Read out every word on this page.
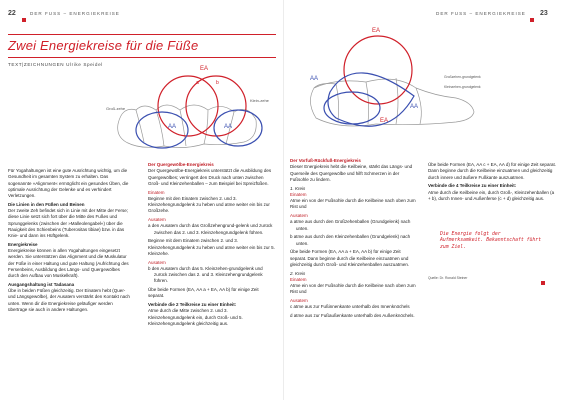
22	DER FUSS – ENERGIEKREISE
Zwei Energiekreise für die Füße
TEXT|ZEICHNUNGEN Ulrike Speidel
EA
a	b
AA	AA
Groß-zehe
Klein-zehe

Für Yogahaltungen ist eine gute Ausrichtung wichtig, um die Gesundheit im gesamten System zu erhalten. Das sogenannte »Alignment« ermöglicht ein gesundes Üben, die optimale Ausrichtung der Gelenke und es verhindert Verletzungen.

Die Linien in den Füßen und Beinen

Der zweite Zeh befindet sich in Linie mit der Mitte der Ferse; diese Linie setzt sich fort über die Mitte des Fußes und Sprunggelenks (zwischen der »Malleolengabel«) über die Rauigkeit des Schienbeins (Tuberositas tibiae) bzw. in das Knie- und dann ins Hüftgelenk.

Energiekreise

Energiekreise können in allen Yogahaltungen eingesetzt werden. Sie unterstützen das Alignment und die Muskulatur der Füße in einer Haltung und gute Haltung (Aufrichtung des Fersenbeins, Ausbildung des Längs- und Quergewölbes durch den Aufbau von Muskelkraft).

Ausgangshaltung ist Tadasana

Übe in beiden Füßen gleichzeitig. Der Einatem hebt (Quer- und Längsgewölbe), der Ausatem verstärkt den Kontakt nach unten. Wenn dir die Energiekreise geläufiger werden übertrage sie auch in andere Haltungen.

Der Quergewölbe-Energiekreis

Der Quergewölbe-Energiekreis unterstützt die Ausbildung des Quergewölbes; verringert den Druck nach unten zwischen Groß- und Kleinzehenballen – zum Beispiel bei Spreizfüßen.

Einatem

Beginne mit den Einatem zwischen 2. und 3. Kleinzehengrundgelenk zu heben und atme weiter ein bis zur Großzehe.

Ausatem

a den Ausatem durch das Großzehengrund-gelenk und zurück zwischen das 2. und 3. Kleinzehengrundgelenk führen.

Beginne mit dem Einatem zwischen 2. und 3. Kleinzehengrundgelenk zu heben und atme weiter ein bis zur 5. Kleinzehe.

Ausatem

b den Ausatem durch das 5. Kleinzehen-grundgelenk und zurück zwischen das 2. und 3. Kleinzehengrundgelenk führen.

Übe beide Formen (EA, AA a + EA, AA b) für einige Zeit separat.

Verbinde die 2 Teilkreise zu einer Einheit:

Atme durch die Mitte zwischen 2. und 3. Kleinzehengrundgelenk ein, durch Groß- und 5. Kleinzehengrundgelenk gleichzeitig aus.

DER FUSS – ENERGIEKREISE 23
EA
EA
AA
AA
Großzehen-grundgelenk
Kleinzehen-grundgelenk
Der Vorfuß-Rückfuß-Energiekreis

Dieser Energiekreis hebt die Keilbeine, stärkt das Längs- und Querseile des Quergewölbe und hilft Schmerzen in der Fußsohle zu lindern.

1. Kreis
Einatem

Atme ein von der Fußsohle durch die Keilbeine nach oben zum Rist und

Ausatem

a atme aus durch den Großzehenballen (Grundgelenk) nach unten.

b atme aus durch den Kleinzehenballen (Grundgelenk) nach unten.

Übe beide Formen (EA, AA a + EA, AA b) für einige Zeit separat. Dann beginne durch die Keilbeine einzuatmen und gleichzeitig durch Groß- und Kleinzehenballen auszuatmen.

2. Kreis
Einatem

Atme ein von der Fußsohle durch die Keilbeine nach oben zum Rist und

Ausatem

c atme aus zur Fußinnenkante unterhalb des Innenknöchels

d atme aus zur Fußaußenkante unterhalb des Außenknöchels.

Übe beide Formen (EA, AA c + EA, AA d) für einige Zeit separat. Dann beginne durch die Keilbeine einzuatmen und gleichzeitig durch innere und äußere Fußkante auszuatmen.

Verbinde die 4 Teilkreise zu einer Einheit:

Atme durch die Keilbeine ein, durch Groß-, Kleinzehenballen (a + b), durch Innen- und Außenferse (c + d) gleichzeitig aus.

Die Energie folgt der Aufmerksamkeit. Bekanntschaft führt zum Ziel.
Quelle: Dr. Ronald Steiner
